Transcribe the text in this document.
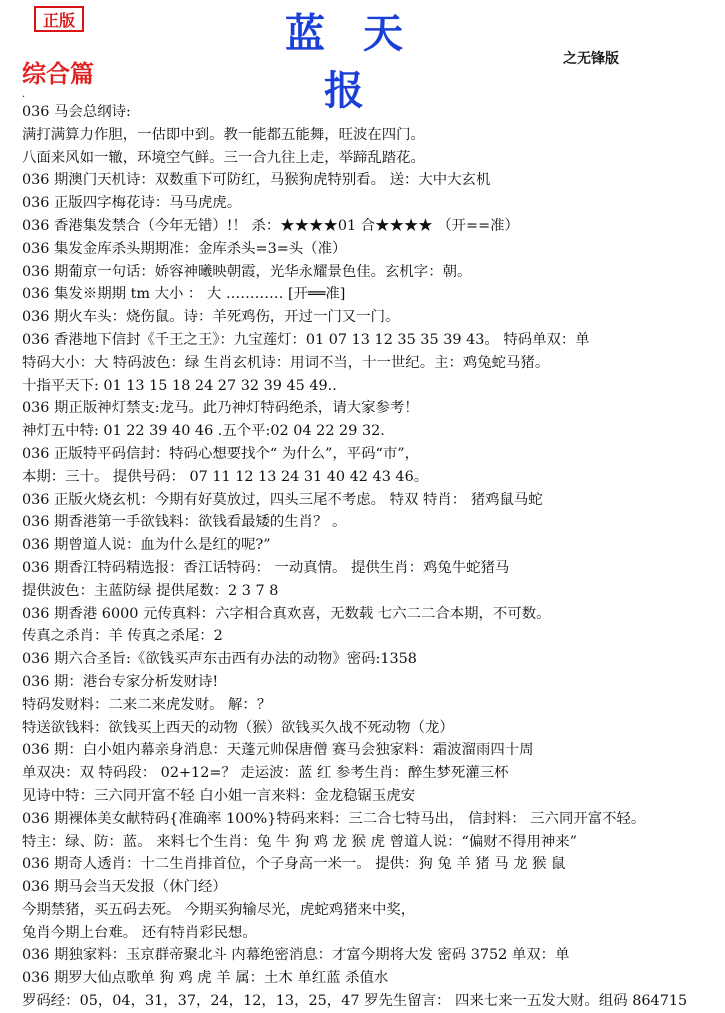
正版	蓝 天 报
之无锋版
综合篇
·
036 马会总纲诗:
满打满算力作胆，一估即中到。教一能都五能舞，旺波在四门。
八面来风如一辙，环境空气鲜。三一合九往上走，举蹄乱踏花。
036 期澳门天机诗：双数重下可防红，马猴狗虎特别看。 送：大中大玄机
036 正版四字梅花诗：马马虎虎。
036 香港集发禁合（今年无错）!！ 杀：★★★★01 合★★★★ （开==准）
036 集发金库杀头期期准：金库杀头=3=头（准）
036 期葡京一句话：娇容神曦映朝霞，光华永耀景色佳。玄机字：朝。
036 集发※期期 tm 大小 ： 大 ………… [开══准]
036 期火车头：烧伤鼠。诗：羊死鸡伤，开过一门又一门。
036 香港地下信封《千王之王》：九宝莲灯：01 07 13 12 35 35 39 43。 特码单双：单
特码大小：大 特码波色：绿 生肖玄机诗：用词不当，十一世纪。主：鸡兔蛇马猪。
十指平天下: 01 13 15 18 24 27 32 39 45 49..
036 期正版神灯禁支:龙马。此乃神灯特码绝杀，请大家参考！
神灯五中特: 01 22 39 40 46 .五个平:02 04 22 29 32.
036 正版特平码信封：特码心想要找个“ 为什么”，平码“市”，
本期：三十。 提供号码： 07 11 12 13 24 31 40 42 43 46。
036 正版火烧玄机：今期有好莫放过，四头三尾不考虑。 特双 特肖： 猪鸡鼠马蛇
036 期香港第一手欲钱料：欲钱看最矮的生肖？ 。
036 期曾道人说：血为什么是红的呢?”
036 期香江特码精选报：香江话特码： 一动真情。 提供生肖：鸡兔牛蛇猪马
提供波色：主蓝防绿 提供尾数：2 3 7 8
036 期香港 6000 元传真料：六字相合真欢喜，无数载 七六二二合本期，不可数。
传真之杀肖：羊 传真之杀尾：2
036 期六合圣旨:《欲钱买声东击西有办法的动物》密码:1358
036 期：港台专家分析发财诗!
特码发财料：二来二来虎发财。 解：？
特送欲钱料：欲钱买上西天的动物（猴）欲钱买久战不死动物（龙）
036 期：白小姐内幕亲身消息：天蓬元帅保唐僧 赛马会独家料：霜波溜雨四十周
单双决：双 特码段： 02+12=？ 走运波：蓝 红 参考生肖：醉生梦死灌三杯
见诗中特：三六同开富不轻 白小姐一言来料：金龙稳锯玉虎安
036 期裸体美女献特码{准确率 100%}特码来料：三二合七特马出， 信封料： 三六同开富不轻。
特主：绿、防：蓝。 来料七个生肖：兔 牛 狗 鸡 龙 猴 虎 曾道人说：“偏财不得用神来”
036 期奇人透肖：十二生肖排首位，个子身高一米一。 提供：狗 兔 羊 猪 马 龙 猴 鼠
036 期马会当天发报（休门经）
今期禁猪，买五码去死。 今期买狗输尽光，虎蛇鸡猪来中奖，
兔肖今期上台难。 还有特肖彩民想。
036 期独家料：玉京群帝聚北斗 内幕绝密消息：才富今期将大发 密码 3752 单双：单
036 期罗大仙点歌单 狗 鸡 虎 羊 属：土木 单红蓝 杀值水
罗码经：05，04，31，37，24，12，13，25，47 罗先生留言： 四来七来一五发大财。组码 864715
